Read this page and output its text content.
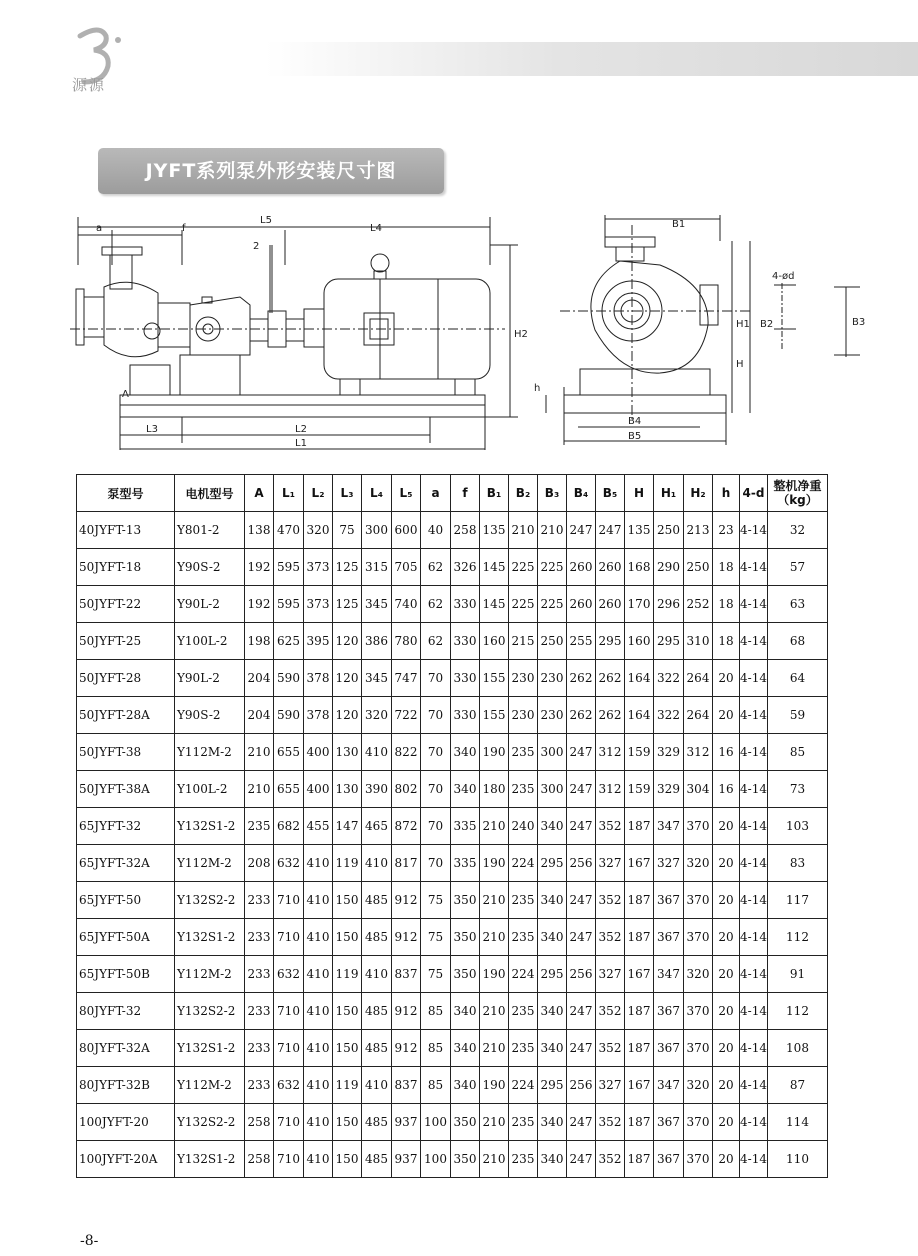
源源
JYFT系列泵外形安装尺寸图
a	f
L5
L4
2
H2
A
L3	L2
L1
B1
H1 B2
H
h
B4
B5
4-ød
B3
泵型号	电机型号	A	L₁	L₂	L₃	L₄	L₅	a	f	B₁	B₂	B₃	B₄	B₅	H	H₁	H₂	h	4-d	整机净重
（kg）
40JYFT-13	Y801-2	138	470	320	75	300	600	40	258	135	210	210	247	247	135	250	213	23	4-14	32
50JYFT-18	Y90S-2	192	595	373	125	315	705	62	326	145	225	225	260	260	168	290	250	18	4-14	57
50JYFT-22	Y90L-2	192	595	373	125	345	740	62	330	145	225	225	260	260	170	296	252	18	4-14	63
50JYFT-25	Y100L-2	198	625	395	120	386	780	62	330	160	215	250	255	295	160	295	310	18	4-14	68
50JYFT-28	Y90L-2	204	590	378	120	345	747	70	330	155	230	230	262	262	164	322	264	20	4-14	64
50JYFT-28A	Y90S-2	204	590	378	120	320	722	70	330	155	230	230	262	262	164	322	264	20	4-14	59
50JYFT-38	Y112M-2	210	655	400	130	410	822	70	340	190	235	300	247	312	159	329	312	16	4-14	85
50JYFT-38A	Y100L-2	210	655	400	130	390	802	70	340	180	235	300	247	312	159	329	304	16	4-14	73
65JYFT-32	Y132S1-2	235	682	455	147	465	872	70	335	210	240	340	247	352	187	347	370	20	4-14	103
65JYFT-32A	Y112M-2	208	632	410	119	410	817	70	335	190	224	295	256	327	167	327	320	20	4-14	83
65JYFT-50	Y132S2-2	233	710	410	150	485	912	75	350	210	235	340	247	352	187	367	370	20	4-14	117
65JYFT-50A	Y132S1-2	233	710	410	150	485	912	75	350	210	235	340	247	352	187	367	370	20	4-14	112
65JYFT-50B	Y112M-2	233	632	410	119	410	837	75	350	190	224	295	256	327	167	347	320	20	4-14	91
80JYFT-32	Y132S2-2	233	710	410	150	485	912	85	340	210	235	340	247	352	187	367	370	20	4-14	112
80JYFT-32A	Y132S1-2	233	710	410	150	485	912	85	340	210	235	340	247	352	187	367	370	20	4-14	108
80JYFT-32B	Y112M-2	233	632	410	119	410	837	85	340	190	224	295	256	327	167	347	320	20	4-14	87
100JYFT-20	Y132S2-2	258	710	410	150	485	937	100	350	210	235	340	247	352	187	367	370	20	4-14	114
100JYFT-20A	Y132S1-2	258	710	410	150	485	937	100	350	210	235	340	247	352	187	367	370	20	4-14	110
-8-
